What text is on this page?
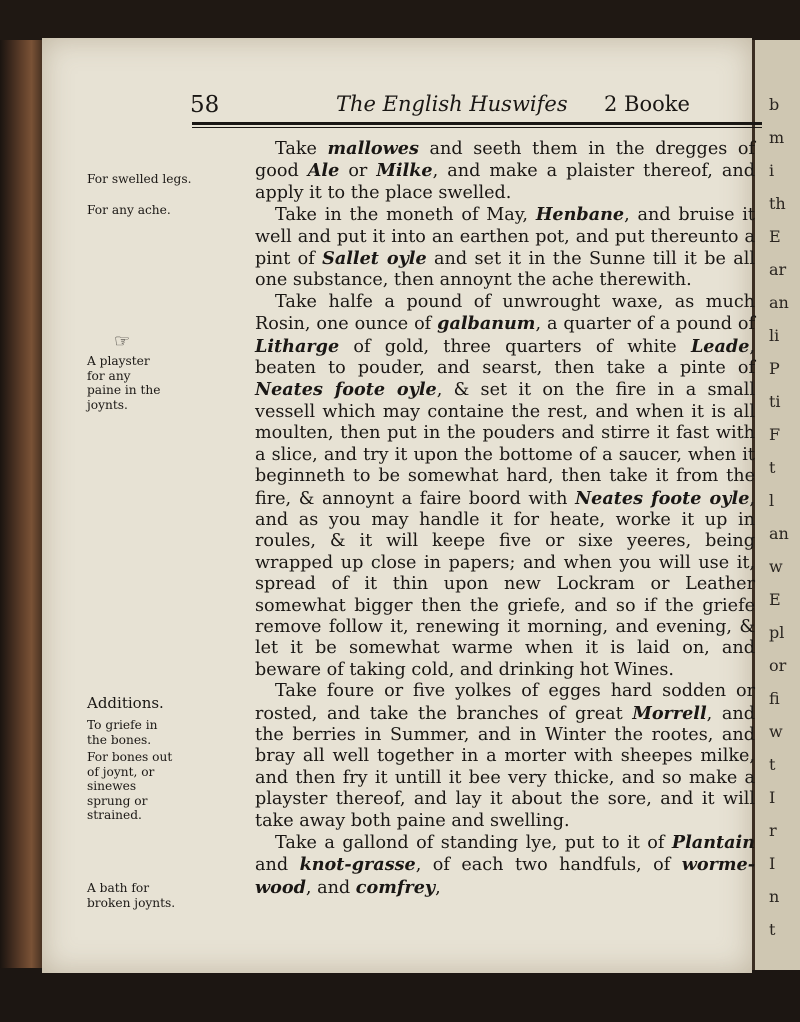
b
m
i
th
E
ar
an
li
P
ti
F
t
l
an
w
E
pl
or
fi
w
t
I
r
I
n
t
58	The English Huswifes 2 Booke
For swelled legs.
For any ache.
☞
A playster for any paine in the joynts.
Additions.
To griefe in the bones.
For bones out of joynt, or sinewes sprung or strained.
A bath for broken joynts.

Take mallowes and seeth them in the dregges of good Ale or Milke, and make a plaister thereof, and apply it to the place swelled.

Take in the moneth of May, Henbane, and bruise it well and put it into an earthen pot, and put thereunto a pint of Sallet oyle and set it in the Sunne till it be all one substance, then annoynt the ache therewith.

Take halfe a pound of unwrought waxe, as much Rosin, one ounce of galbanum, a quarter of a pound of Litharge of gold, three quarters of white Leade, beaten to pouder, and searst, then take a pinte of Neates foote oyle, & set it on the fire in a small vessell which may containe the rest, and when it is all moulten, then put in the pouders and stirre it fast with a slice, and try it upon the bottome of a saucer, when it beginneth to be somewhat hard, then take it from the fire, & annoynt a faire boord with Neates foote oyle, and as you may handle it for heate, worke it up in roules, & it will keepe five or sixe yeeres, being wrapped up close in papers; and when you will use it, spread of it thin upon new Lockram or Leather somewhat bigger then the griefe, and so if the griefe remove follow it, renewing it morning, and evening, & let it be somewhat warme when it is laid on, and beware of taking cold, and drinking hot Wines.

Take foure or five yolkes of egges hard sodden or rosted, and take the branches of great Morrell, and the berries in Summer, and in Winter the rootes, and bray all well together in a morter with sheepes milke, and then fry it untill it bee very thicke, and so make a playster thereof, and lay it about the sore, and it will take away both paine and swelling.

Take a gallond of standing lye, put to it of Plantain and knot-grasse, of each two handfuls, of worme-wood, and comfrey,
